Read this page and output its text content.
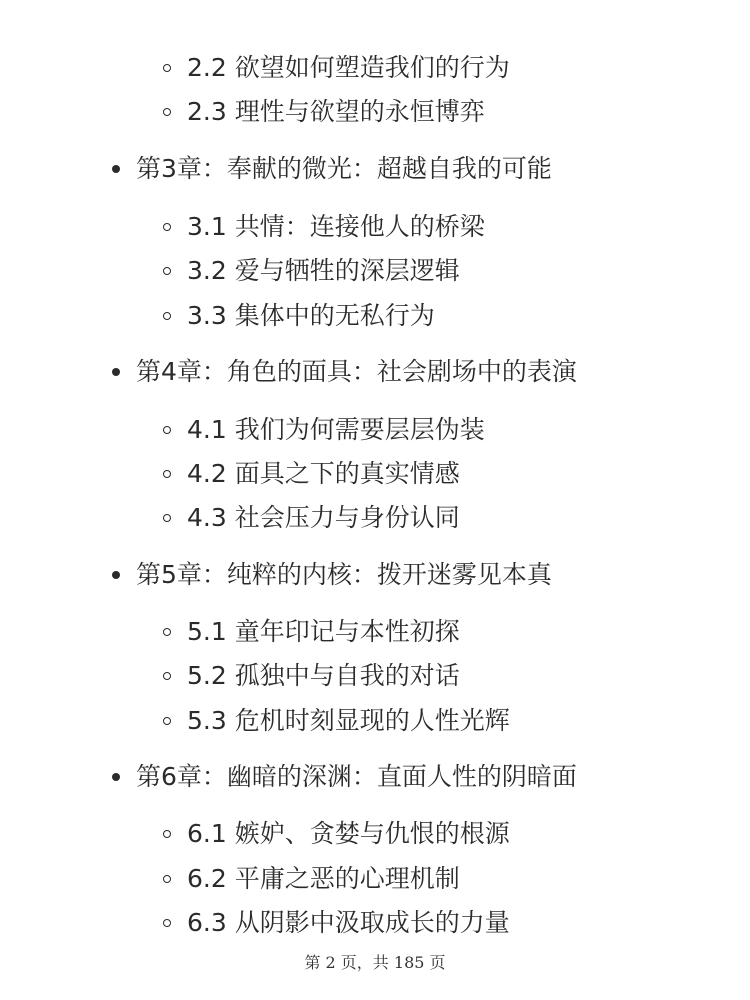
2.2 欲望如何塑造我们的行为
2.3 理性与欲望的永恒博弈
第3章：奉献的微光：超越自我的可能
3.1 共情：连接他人的桥梁
3.2 爱与牺牲的深层逻辑
3.3 集体中的无私行为
第4章：角色的面具：社会剧场中的表演
4.1 我们为何需要层层伪装
4.2 面具之下的真实情感
4.3 社会压力与身份认同
第5章：纯粹的内核：拨开迷雾见本真
5.1 童年印记与本性初探
5.2 孤独中与自我的对话
5.3 危机时刻显现的人性光辉
第6章：幽暗的深渊：直面人性的阴暗面
6.1 嫉妒、贪婪与仇恨的根源
6.2 平庸之恶的心理机制
6.3 从阴影中汲取成长的力量
第 2 页，共 185 页
